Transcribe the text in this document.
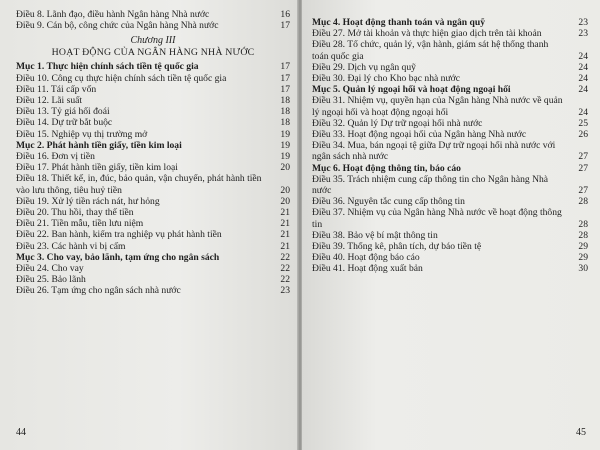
Điều 8. Lãnh đạo, điều hành Ngân hàng Nhà nước	16
Điều 9. Cán bộ, công chức của Ngân hàng Nhà nước	17
Chương III
HOẠT ĐỘNG CỦA NGÂN HÀNG NHÀ NƯỚC
Mục 1. Thực hiện chính sách tiền tệ quốc gia	17
Điều 10. Công cụ thực hiện chính sách tiền tệ quốc gia	17
Điều 11. Tái cấp vốn	17
Điều 12. Lãi suất	18
Điều 13. Tỷ giá hối đoái	18
Điều 14. Dự trữ bắt buộc	18
Điều 15. Nghiệp vụ thị trường mở	19
Mục 2. Phát hành tiền giấy, tiền kim loại	19
Điều 16. Đơn vị tiền	19
Điều 17. Phát hành tiền giấy, tiền kim loại	20
Điều 18. Thiết kế, in, đúc, bảo quản, vận chuyển, phát hành tiền vào lưu thông, tiêu huỷ tiền	20
Điều 19. Xử lý tiền rách nát, hư hỏng	20
Điều 20. Thu hồi, thay thế tiền	21
Điều 21. Tiền mẫu, tiền lưu niệm	21
Điều 22. Ban hành, kiểm tra nghiệp vụ phát hành tiền	21
Điều 23. Các hành vi bị cấm	21
Mục 3. Cho vay, bảo lãnh, tạm ứng cho ngân sách	22
Điều 24. Cho vay	22
Điều 25. Bảo lãnh	22
Điều 26. Tạm ứng cho ngân sách nhà nước	23
44
Mục 4. Hoạt động thanh toán và ngân quỹ	23
Điều 27. Mở tài khoản và thực hiện giao dịch trên tài khoản	23
Điều 28. Tổ chức, quản lý, vận hành, giám sát hệ thống thanh toán quốc gia	24
Điều 29. Dịch vụ ngân quỹ	24
Điều 30. Đại lý cho Kho bạc nhà nước	24
Mục 5. Quản lý ngoại hối và hoạt động ngoại hối	24
Điều 31. Nhiệm vụ, quyền hạn của Ngân hàng Nhà nước về quản lý ngoại hối và hoạt động ngoại hối	24
Điều 32. Quản lý Dự trữ ngoại hối nhà nước	25
Điều 33. Hoạt động ngoại hối của Ngân hàng Nhà nước	26
Điều 34. Mua, bán ngoại tệ giữa Dự trữ ngoại hối nhà nước với ngân sách nhà nước	27
Mục 6. Hoạt động thông tin, báo cáo	27
Điều 35. Trách nhiệm cung cấp thông tin cho Ngân hàng Nhà nước	27
Điều 36. Nguyên tắc cung cấp thông tin	28
Điều 37. Nhiệm vụ của Ngân hàng Nhà nước về hoạt động thông tin	28
Điều 38. Bảo vệ bí mật thông tin	28
Điều 39. Thống kê, phân tích, dự báo tiền tệ	29
Điều 40. Hoạt động báo cáo	29
Điều 41. Hoạt động xuất bản	30
45
